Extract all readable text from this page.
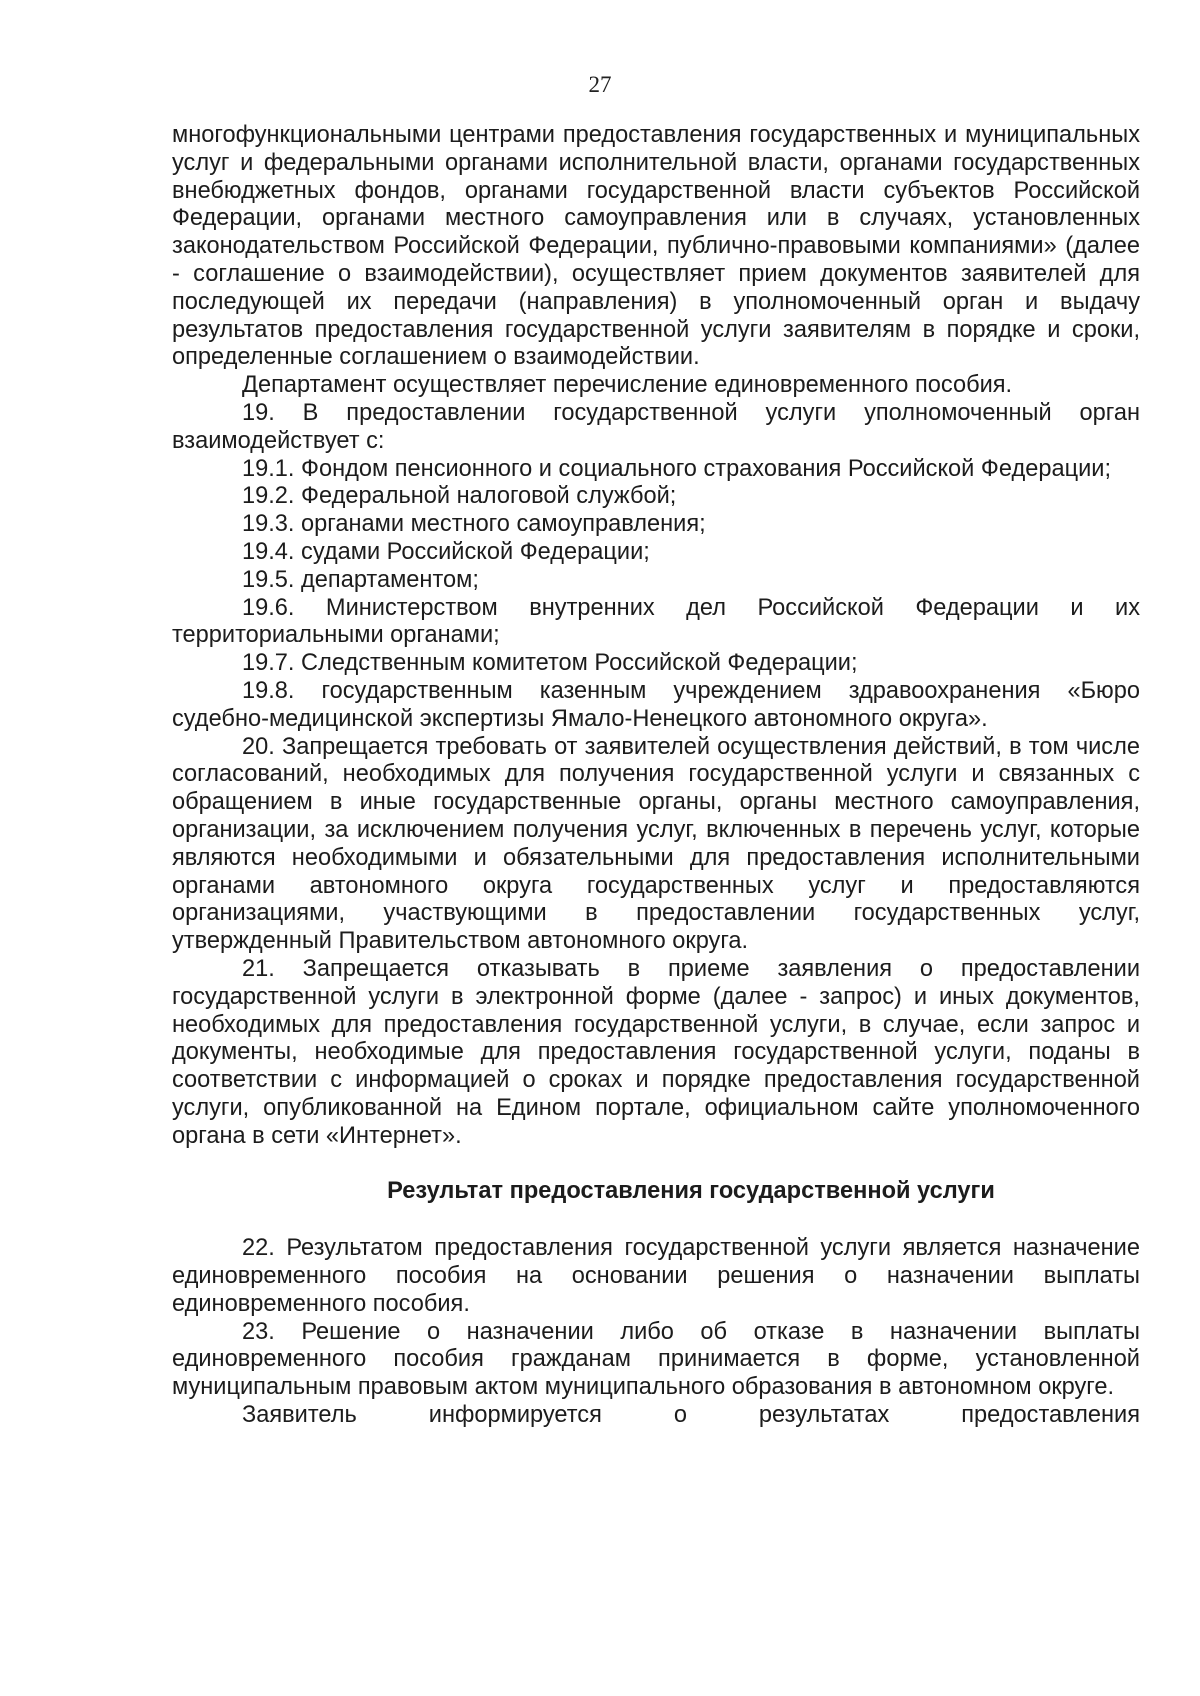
27

многофункциональными центрами предоставления государственных и муниципальных услуг и федеральными органами исполнительной власти, органами государственных внебюджетных фондов, органами государственной власти субъектов Российской Федерации, органами местного самоуправления или в случаях, установленных законодательством Российской Федерации, публично-правовыми компаниями» (далее - соглашение о взаимодействии), осуществляет прием документов заявителей для последующей их передачи (направления) в уполномоченный орган и выдачу результатов предоставления государственной услуги заявителям в порядке и сроки, определенные соглашением о взаимодействии.

Департамент осуществляет перечисление единовременного пособия.

19. В предоставлении государственной услуги уполномоченный орган взаимодействует с:

19.1. Фондом пенсионного и социального страхования Российской Федерации;

19.2. Федеральной налоговой службой;

19.3. органами местного самоуправления;

19.4. судами Российской Федерации;

19.5. департаментом;

19.6. Министерством внутренних дел Российской Федерации и их территориальными органами;

19.7. Следственным комитетом Российской Федерации;

19.8. государственным казенным учреждением здравоохранения «Бюро судебно-медицинской экспертизы Ямало-Ненецкого автономного округа».

20. Запрещается требовать от заявителей осуществления действий, в том числе согласований, необходимых для получения государственной услуги и связанных с обращением в иные государственные органы, органы местного самоуправления, организации, за исключением получения услуг, включенных в перечень услуг, которые являются необходимыми и обязательными для предоставления исполнительными органами автономного округа государственных услуг и предоставляются организациями, участвующими в предоставлении государственных услуг, утвержденный Правительством автономного округа.

21. Запрещается отказывать в приеме заявления о предоставлении государственной услуги в электронной форме (далее - запрос) и иных документов, необходимых для предоставления государственной услуги, в случае, если запрос и документы, необходимые для предоставления государственной услуги, поданы в соответствии с информацией о сроках и порядке предоставления государственной услуги, опубликованной на Едином портале, официальном сайте уполномоченного органа в сети «Интернет».

Результат предоставления государственной услуги

22. Результатом предоставления государственной услуги является назначение единовременного пособия на основании решения о назначении выплаты единовременного пособия.

23. Решение о назначении либо об отказе в назначении выплаты единовременного пособия гражданам принимается в форме, установленной муниципальным правовым актом муниципального образования в автономном округе.

Заявитель информируется о результатах предоставления
